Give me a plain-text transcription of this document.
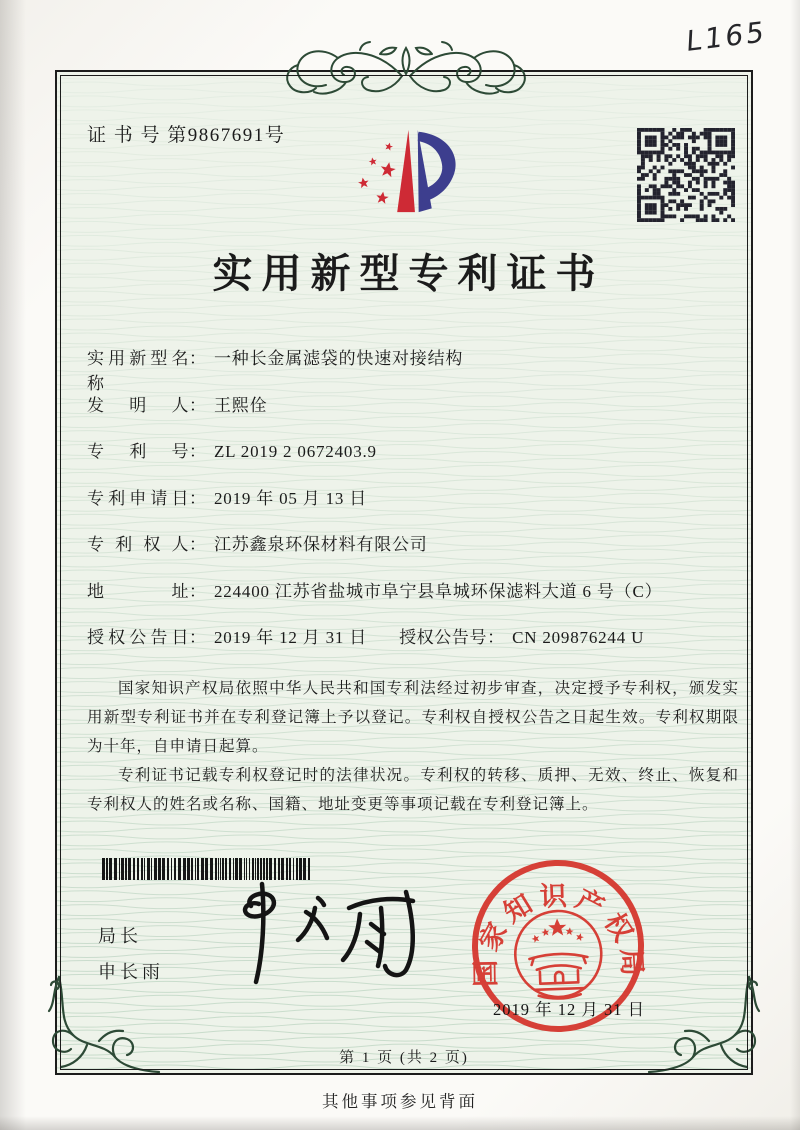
L165
证 书 号 第9867691号
实用新型专利证书
实用新型名称
： 一种长金属滤袋的快速对接结构
发明人 ： 王熙佺
专利号 ： ZL 2019 2 0672403.9
专利申请日 ： 2019 年 05 月 13 日
专利权人 ： 江苏鑫泉环保材料有限公司
地址 ： 224400 江苏省盐城市阜宁县阜城环保滤料大道 6 号（C）
授权公告日 ： 2019 年 12 月 31 日 授权公告号 ： CN 209876244 U

国家知识产权局依照中华人民共和国专利法经过初步审查，决定授予专利权，颁发实用新型专利证书并在专利登记簿上予以登记。专利权自授权公告之日起生效。专利权期限为十年，自申请日起算。

专利证书记载专利权登记时的法律状况。专利权的转移、质押、无效、终止、恢复和专利权人的姓名或名称、国籍、地址变更等事项记载在专利登记簿上。

局长
申长雨	国家知识产权局
2019 年 12 月 31 日
第 1 页 (共 2 页)
其他事项参见背面
